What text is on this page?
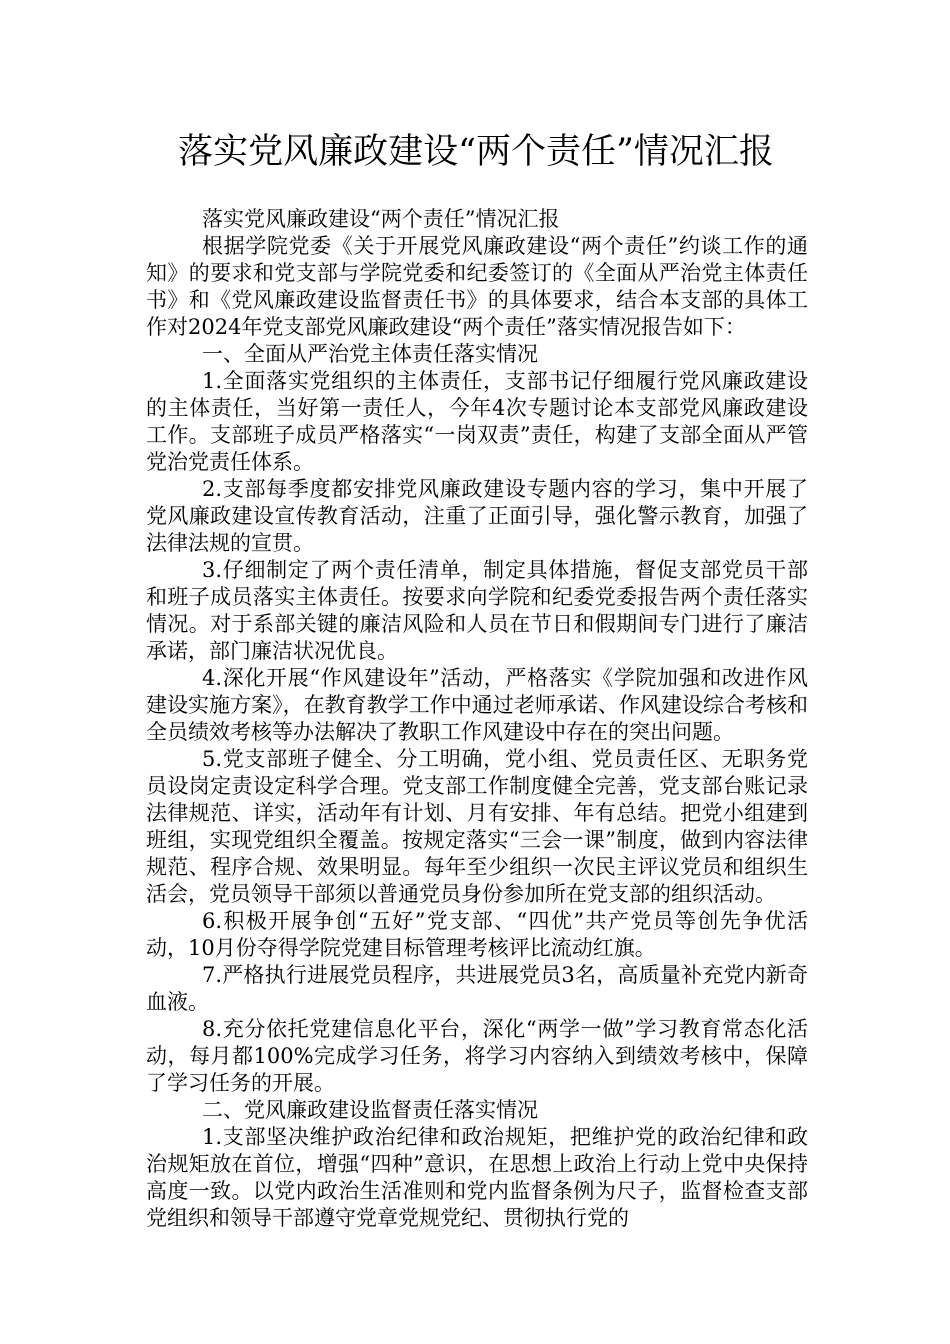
落实党风廉政建设“两个责任”情况汇报

落实党风廉政建设“两个责任”情况汇报

根据学院党委《关于开展党风廉政建设“两个责任”约谈工作的通知》的要求和党支部与学院党委和纪委签订的《全面从严治党主体责任书》和《党风廉政建设监督责任书》的具体要求，结合本支部的具体工作对2024年党支部党风廉政建设“两个责任”落实情况报告如下：

一、全面从严治党主体责任落实情况

1.全面落实党组织的主体责任，支部书记仔细履行党风廉政建设的主体责任，当好第一责任人，今年4次专题讨论本支部党风廉政建设工作。支部班子成员严格落实“一岗双责”责任，构建了支部全面从严管党治党责任体系。

2.支部每季度都安排党风廉政建设专题内容的学习，集中开展了党风廉政建设宣传教育活动，注重了正面引导，强化警示教育，加强了法律法规的宣贯。

3.仔细制定了两个责任清单，制定具体措施，督促支部党员干部和班子成员落实主体责任。按要求向学院和纪委党委报告两个责任落实情况。对于系部关键的廉洁风险和人员在节日和假期间专门进行了廉洁承诺，部门廉洁状况优良。

4.深化开展“作风建设年”活动，严格落实《学院加强和改进作风建设实施方案》，在教育教学工作中通过老师承诺、作风建设综合考核和全员绩效考核等办法解决了教职工作风建设中存在的突出问题。

5.党支部班子健全、分工明确，党小组、党员责任区、无职务党员设岗定责设定科学合理。党支部工作制度健全完善，党支部台账记录法律规范、详实，活动年有计划、月有安排、年有总结。把党小组建到班组，实现党组织全覆盖。按规定落实“三会一课”制度，做到内容法律规范、程序合规、效果明显。每年至少组织一次民主评议党员和组织生活会，党员领导干部须以普通党员身份参加所在党支部的组织活动。

6.积极开展争创“五好”党支部、“四优”共产党员等创先争优活动，10月份夺得学院党建目标管理考核评比流动红旗。

7.严格执行进展党员程序，共进展党员3名，高质量补充党内新奇血液。

8.充分依托党建信息化平台，深化“两学一做”学习教育常态化活动，每月都100%完成学习任务，将学习内容纳入到绩效考核中，保障了学习任务的开展。

二、党风廉政建设监督责任落实情况

1.支部坚决维护政治纪律和政治规矩，把维护党的政治纪律和政治规矩放在首位，增强“四种”意识，在思想上政治上行动上党中央保持高度一致。以党内政治生活准则和党内监督条例为尺子，监督检查支部党组织和领导干部遵守党章党规党纪、贯彻执行党的
